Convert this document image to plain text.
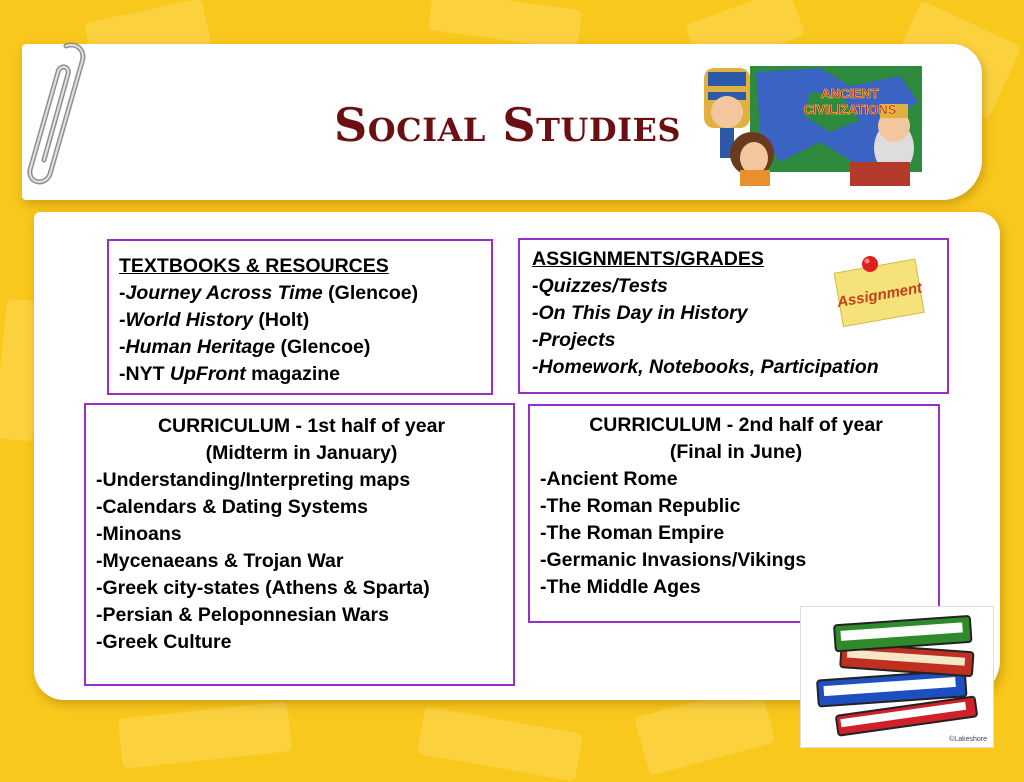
Social Studies
ANCIENT
CIVILIZATIONS
TEXTBOOKS & RESOURCES
-Journey Across Time (Glencoe)
-World History (Holt)
-Human Heritage (Glencoe)
-NYT UpFront magazine
ASSIGNMENTS/GRADES
-Quizzes/Tests
-On This Day in History
-Projects
-Homework, Notebooks, Participation
Assignment
CURRICULUM - 1st half of year
(Midterm in January)
-Understanding/Interpreting maps
-Calendars & Dating Systems
-Minoans
-Mycenaeans & Trojan War
-Greek city-states (Athens & Sparta)
-Persian & Peloponnesian Wars
-Greek Culture
CURRICULUM - 2nd half of year
(Final in June)
-Ancient Rome
-The Roman Republic
-The Roman Empire
-Germanic Invasions/Vikings
-The Middle Ages
©Lakeshore
